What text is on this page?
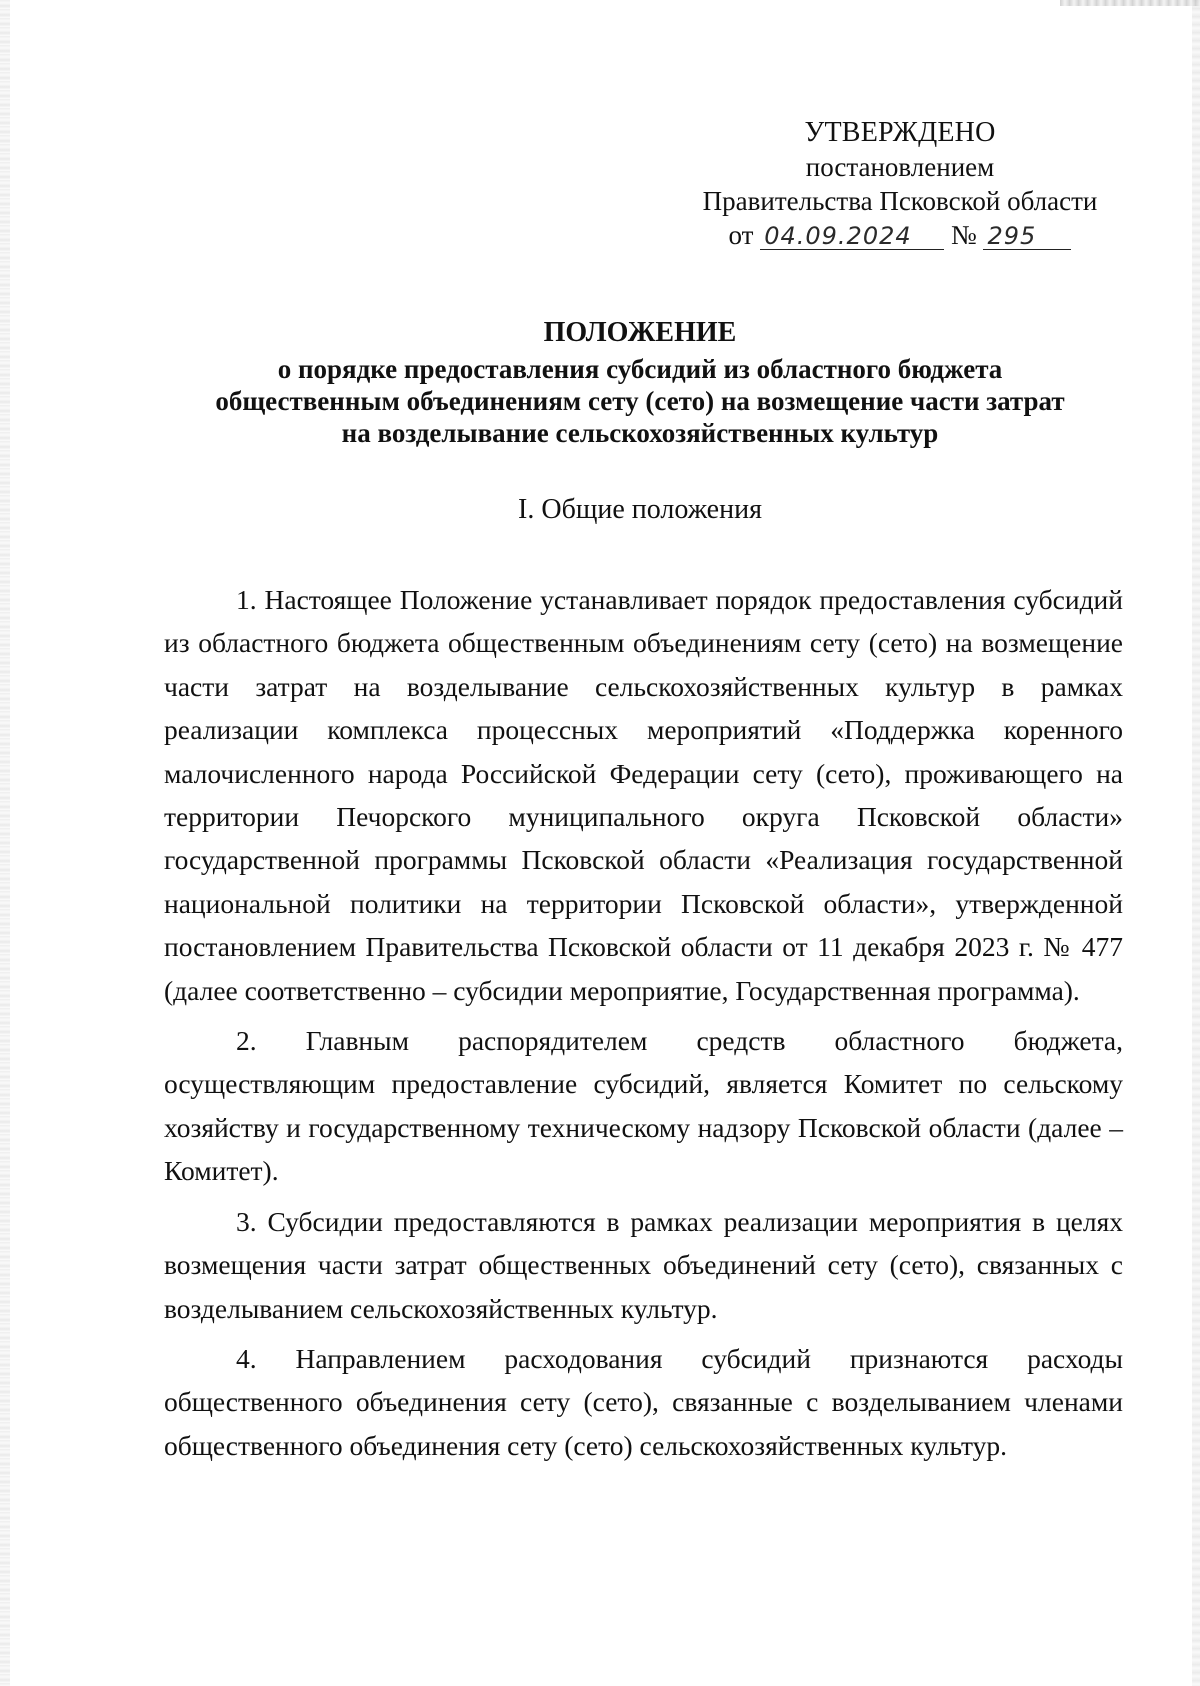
УТВЕРЖДЕНО
постановлением
Правительства Псковской области
от 04.09.2024 № 295
ПОЛОЖЕНИЕ
о порядке предоставления субсидий из областного бюджета
общественным объединениям сету (сето) на возмещение части затрат
на возделывание сельскохозяйственных культур
I. Общие положения

1. Настоящее Положение устанавливает порядок предоставления субсидий из областного бюджета общественным объединениям сету (сето) на возмещение части затрат на возделывание сельскохозяйственных культур в рамках реализации комплекса процессных мероприятий «Поддержка коренного малочисленного народа Российской Федерации сету (сето), проживающего на территории Печорского муниципального округа Псковской области» государственной программы Псковской области «Реализация государственной национальной политики на территории Псковской области», утвержденной постановлением Правительства Псковской области от 11 декабря 2023 г. № 477 (далее соответственно – субсидии мероприятие, Государственная программа).

2. Главным распорядителем средств областного бюджета, осуществляющим предоставление субсидий, является Комитет по сельскому хозяйству и государственному техническому надзору Псковской области (далее – Комитет).

3. Субсидии предоставляются в рамках реализации мероприятия в целях возмещения части затрат общественных объединений сету (сето), связанных с возделыванием сельскохозяйственных культур.

4. Направлением расходования субсидий признаются расходы общественного объединения сету (сето), связанные с возделыванием членами общественного объединения сету (сето) сельскохозяйственных культур.
